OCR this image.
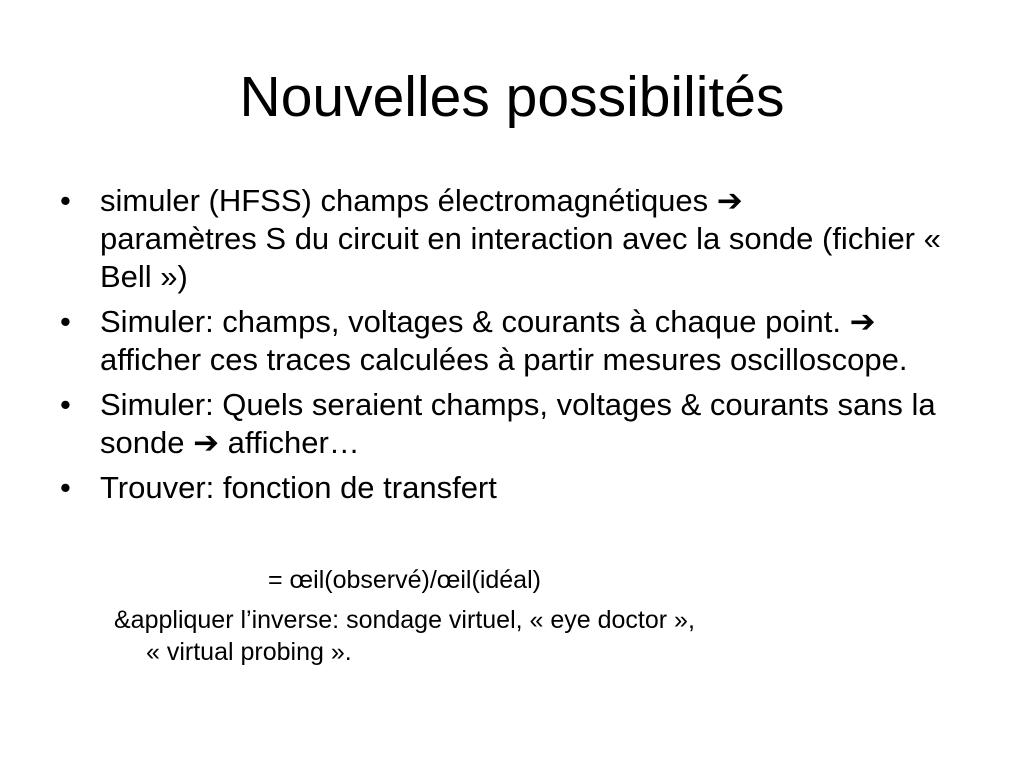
Nouvelles possibilités
• simuler (HFSS) champs électromagnétiques ➔
paramètres S du circuit en interaction avec la sonde (fichier « Bell »)
• Simuler: champs, voltages & courants à chaque point. ➔ afficher ces traces calculées à partir mesures oscilloscope.
• Simuler: Quels seraient champs, voltages & courants sans la sonde ➔ afficher…
• Trouver: fonction de transfert
= œil(observé)/œil(idéal)
&appliquer l’inverse: sondage virtuel, « eye doctor »,
« virtual probing ».
